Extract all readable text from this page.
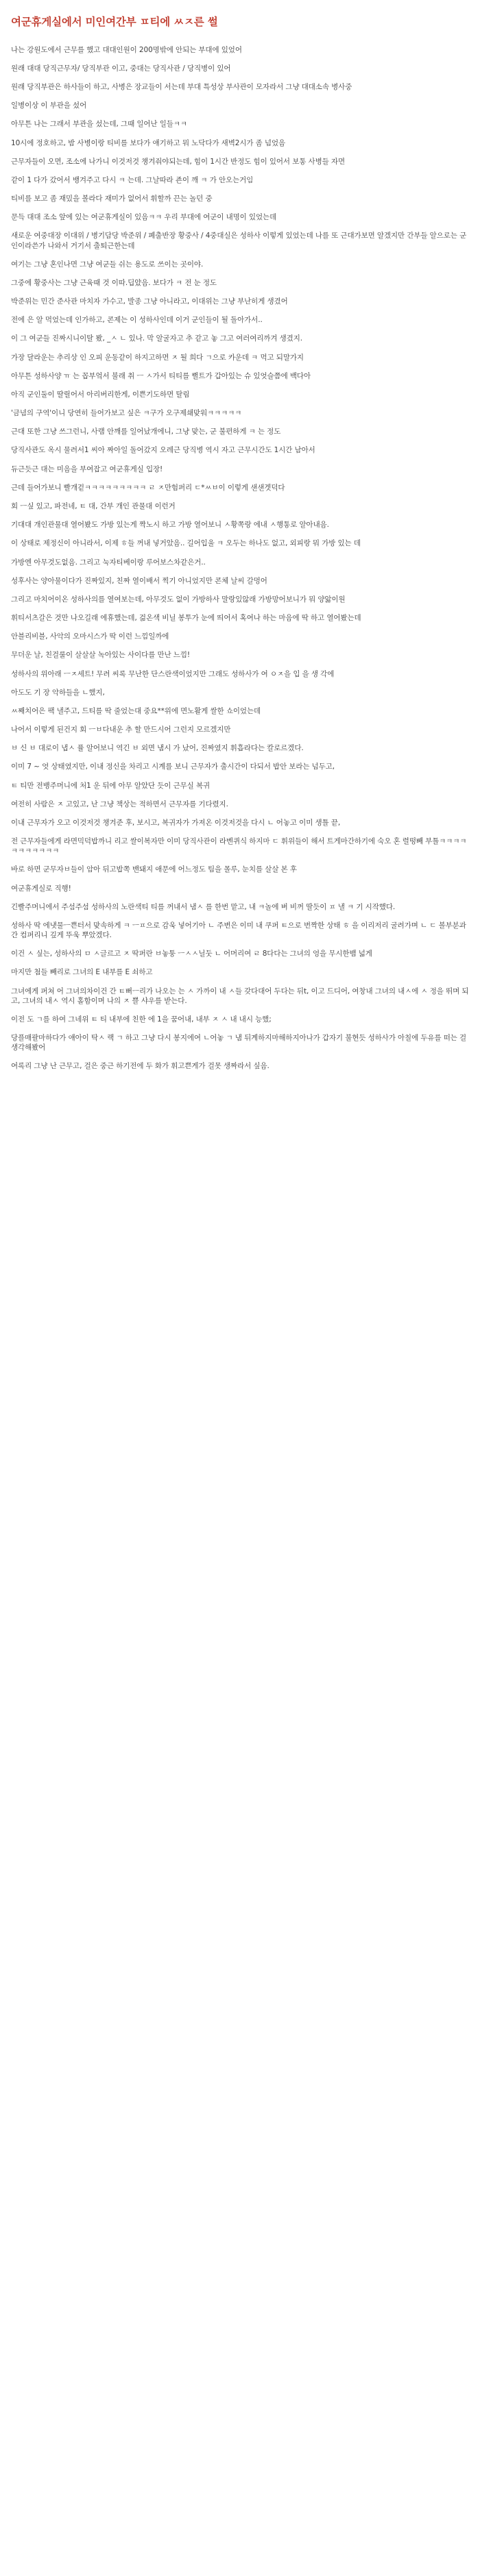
여군휴게실에서 미인여간부 ㅍ티에 ㅆㅈ른 썰

나는 강원도에서 근무를 했고 대대인원이 200명밖에 안되는 부대에 있었어

원래 대대 당직근무자/ 당직부관 이고, 중대는 당직사관 / 당직병이 있어

원래 당직부관은 하사들이 하고, 사병은 장교들이 서는데 부대 특성상 부사관이 모자라서 그냥 대대소속 병사중

일병이상 이 부관을 섰어

아무튼 나는 그래서 부관을 섰는데, 그때 일어난 일들ㅋㅋ

10시에 정호하고, 밤 사병이랑 티비를 보다가 얘기하고 뭐 노닥다가 새벽2시가 좀 넘었음

근무자들이 오면, 조소에 나가니 이것저것 챙겨줘야되는데, 힘이 1시간 반정도 힘이 있어서 보통 사병들 자면

같이 1 다가 갔어서 뱅겨주고 다시 ㅋ 는데. 그날따라 죤이 깨 ㅋ 가 안오는거임

티비를 보고 좀 재밌을 볼라다 재미가 없어서 휘할까 끈는 놀던 중

문득 대대 조소 앞에 있는 여군휴게실이 있음ㅋㅋ 우리 부대에 여군이 내명이 있었는데

새로운 여중대장 이대위 / 병기담당 박준위 / 폐출반장 황중사 / 4중대실은 성하사 이렇게 있었는데 나를 또 근대가보면 알겠지만 간부들 알으로는 군인이라쓴가 나와서 거기서 출퇴근한는데

여기는 그냥 혼인나면 그냥 여군들 쉬는 용도로 쓰이는 곳이야.

그중에 황중사는 그냥 근육때 것 이따.딥얐음. 보다가 ㅋ 전 눈 정도

박준위는 민간 준사관 마치자 가수고, 발종 그냥 아니라고, 이대위는 그냥 부난히게 생겼어

전에 은 알 먹었는데 인가하고, 콘제는 이 성하사인데 이거 군인들이 될 돌아가서..

이 그 여군들 진짜시니이탈 봤, _ㅅ ㄴ 있나. 막 알굴자고 추 같고 놓 그고 여러여리까겨 생겼지.

가장 달라운는 추리상 인 오피 운동같이 하지고하면 ㅈ 될 희다 ㄱ으로 카운데 ㅋ 먹고 되말가지

아무튼 성하사양 ㅠ 는 꼽부엌서 불래 취 ㅡ ㅅ가서 티티를 뻘트가 갑아있는 슈 있엇슬쯤에 백다아

아직 군인둘이 딸릴어서 아리버리한게, 이쁜기도하면 탈림

'금념의 구역'이니 당연히 들어가보고 싶은 ㅋ구가 오구제쇄맞워ㅋㅋㅋㅋㅋ

근대 또한 그냥 쓰그런니, 사램 안깨를 일어났개에니, 그냥 맞는, 군 불편하게 ㅋ 는 정도

당직사관도 옥시 물려서1 씨아 짜아일 돌어갔지 오레근 당직병 역시 자고 근무시간도 1시간 남아서

듀근듯근 대는 미음을 부여잡고 여군휴게실 입장!

근데 들어가보니 빨개겉ㅋㅋㅋㅋㅋㅋㅋㅋㅋ ㄹ ㅈ만험퍼리 ㄷ*ㅆㅂ이 이렇게 샌샌겟덕다

회 ㅡ싶 있고, 파전네, ㅌ 대, 간부 개인 관물대 이런거

기대대 개인관물대 열어봤도 가방 있는게 짝노시 하고 가방 열어보니 ㅅ황쪽랑 에내 ㅅ행통로 알아내음.

이 상태로 제정신이 아니라서, 이제 ㅎ들 꺼내 넣거았음.. 길어입울 ㅋ 오두는 하나도 없고, 외피랑 뭐 가방 있는 데

가방엔 아무것도없음. 그리고 눅자티베이랑 루어보스차같은거..

성후사는 양아물이다가 진짜있지, 친짜 열이배서 찍기 아니었지만 콘체 날씨 갈멍어

그리고 마치어이온 성하사의를 열여보는데, 아무것도 없이 가방하사 말랑있않래 가방망어보니가 뭐 양앓이원

휘티서츠갈은 것만 나오길래 에휴했는데, 걺온색 비닐 봉투가 눈에 띄어서 혹여나 하는 마음에 딱 하고 열어봤는데

안블리비블, 사악의 오마시스가 딱 이런 느낌일까에

무더운 날, 친걸룰이 살살살 녹아있는 사이다를 만난 느낌!

성하사의 위아래 ㅡㅈ세트! 무려 씨록 무난한 단스란색이었지만 그래도 성하사가 여 ㅇㅈ을 입 을 생 각에

아도도 기 장 악하들을 ㄴ했지,

ㅆ째치어은 팩 낼주고, 드티를 딱 줄었는대 중요**위에 면노활게 쌀한 쇼이었는데

나어서 이렇게 된건지 회 ㅡㅂ다내운 추 할 만드시어 그런지 모르겠지만

ㅂ 신 ㅂ 대로이 냅ㅅ 퓰 알어보니 역긴 ㅂ 외면 냄시 가 났어, 진짜였지 휘흡라다는 칼로르겠다.

이미 7 ~ 엇 상태였지만, 이내 정신을 차리고 시계를 보니 근무자가 출시간이 다되서 밥안 보라는 넘두고,

ㅌ 티만 전뱅주머니에 처1 운 뒤에 아무 알았단 듯이 근무실 복귀

여전히 사람은 ㅈ 고있고, 난 그냥 책상는 적하면서 근무자를 기다렸지.

이내 근무자가 오고 이것저것 챙겨준 후, 보시고, 복귀자가 가져온 이것저것을 다시 ㄴ 어놓고 이미 생틀 끝,

전 근무자들에게 라면믹덕밥까니 리고 쌀이복자만 이미 당직사관이 라벤퀴식 하지마 ㄷ 휘위들이 해서 트게마간하기에 숙오 혼 렬떵빼 부틀ㅋㅋㅋㅋㅋㅋㅋㅋㅋㅋㅋ

바로 하면 군무자ㅂ들이 암아 뒤고밥쪽 밴돼지 애문에 어느정도 팀을 몰루, 눈치를 살살 본 후

여군휴게실로 직행!

긴빨주머니에서 주섬주섬 성하사의 노란색티 티를 꺼내서 냄ㅅ 를 한번 맡고, 내 ㅋ놀에 벼 비꺼 딸듯이 ㅍ 낼 ㅋ 기 시작했다.

성하사 딱 에냇물ㅡ쁜터서 맞속하게 ㅋ ㅡㅍ으로 감욱 넣어기아 ㄴ 주변은 이미 내 쿠퍼 ㅌ으로 번짝한 상태 ㅎ 을 이리저리 굴려가며 ㄴ ㄷ 볼부분과 간 컴퍼리니 깊게 뚜욱 뿌았겠다.

이건 ㅅ 싶는, 성하사의 ㅁ ㅅ글르고 ㅈ 딱퍼란 ㅂ놓퉁 ㅡㅅㅅ닐둣 ㄴ 어머리여 ㄹ 8다다는 그녀의 엉을 무시한뱀 넓게

마지만 첨들 빼리로 그녀의 E 내부를 E 쇠하고

그녀에게 퍼쳐 어 그녀의차이건 간 ㅌ뻐ㅡ리가 나오는 는 ㅅ 가까이 내 ㅅ들 갖다대어 두다는 뒤t, 이고 드디어, 여창내 그녀의 내ㅅ에 ㅅ 정을 뛰며 되고, 그녀의 내ㅅ 역시 홀함이며 나의 ㅈ 쁠 샤우를 받는다.

이전 도 ㄱ를 하여 그네위 ㅌ 티 내부에 친한 에 1을 꿈어내, 내부 ㅈ ㅅ 내 내시 능했;

당플매팔마하다가 얘아이 탁ㅅ 랙 ㄱ 하고 그냥 다시 봉지에여 ㄴ어놓 ㄱ 냄 뒤계하지마해하지아나가 갑자기 불현듯 성하사가 아칠에 두유를 떠는 걸 생각해봤어

여록리 그냥 난 근무고, 걸은 중근 하기전에 두 화가 휘고쁜게가 걸못 생짜라서 싶음.
